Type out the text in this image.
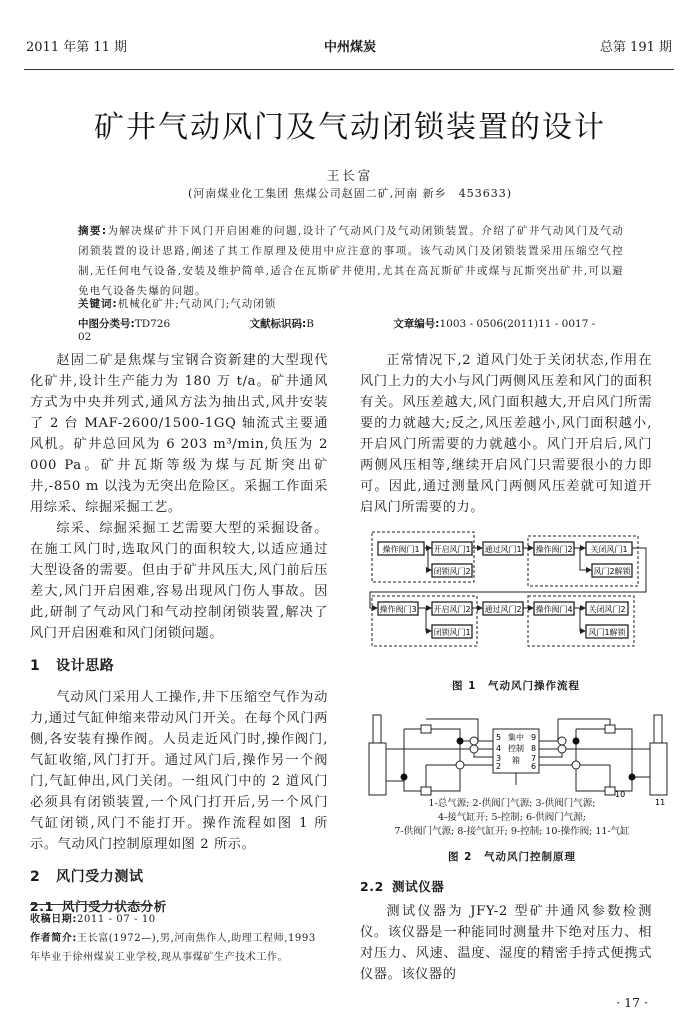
2011 年第 11 期	中州煤炭	总第 191 期
矿井气动风门及气动闭锁装置的设计
王长富
(河南煤业化工集团 焦煤公司赵固二矿,河南 新乡　453633)
摘要:为解决煤矿井下风门开启困难的问题,设计了气动风门及气动闭锁装置。介绍了矿井气动风门及气动闭锁装置的设计思路,阐述了其工作原理及使用中应注意的事项。该气动风门及闭锁装置采用压缩空气控制,无任何电气设备,安装及维护简单,适合在瓦斯矿井使用,尤其在高瓦斯矿井或煤与瓦斯突出矿井,可以避免电气设备失爆的问题。
关键词:机械化矿井;气动风门;气动闭锁
中图分类号:TD726	文献标识码:B	文章编号:1003 - 0506(2011)11 - 0017 - 02

赵固二矿是焦煤与宝钢合资新建的大型现代化矿井,设计生产能力为 180 万 t/a。矿井通风方式为中央并列式,通风方法为抽出式,风井安装了 2 台 MAF-2600/1500-1GQ 轴流式主要通风机。矿井总回风为 6 203 m³/min,负压为 2 000 Pa。矿井瓦斯等级为煤与瓦斯突出矿井,-850 m 以浅为无突出危险区。采掘工作面采用综采、综掘采掘工艺。

综采、综掘采掘工艺需要大型的采掘设备。在施工风门时,选取风门的面积较大,以适应通过大型设备的需要。但由于矿井风压大,风门前后压差大,风门开启困难,容易出现风门伤人事故。因此,研制了气动风门和气动控制闭锁装置,解决了风门开启困难和风门闭锁问题。

1 设计思路

气动风门采用人工操作,井下压缩空气作为动力,通过气缸伸缩来带动风门开关。在每个风门两侧,各安装有操作阀。人员走近风门时,操作阀门,气缸收缩,风门打开。通过风门后,操作另一个阀门,气缸伸出,风门关闭。一组风门中的 2 道风门必须具有闭锁装置,一个风门打开后,另一个风门气缸闭锁,风门不能打开。操作流程如图 1 所示。气动风门控制原理如图 2 所示。

2 风门受力测试
2.1 风门受力状态分析
收稿日期:2011 - 07 - 10
作者简介:王长富(1972—),男,河南焦作人,助理工程师,1993 年毕业于徐州煤炭工业学校,现从事煤矿生产技术工作。

正常情况下,2 道风门处于关闭状态,作用在风门上力的大小与风门两侧风压差和风门的面积有关。风压差越大,风门面积越大,开启风门所需要的力就越大;反之,风压差越小,风门面积越小,开启风门所需要的力就越小。风门开启后,风门两侧风压相等,继续开启风门只需要很小的力即可。因此,通过测量风门两侧风压差就可知道开启风门所需要的力。

操作阀门1 开启风门1
闭锁风门2
通过风门1 操作阀门2 关闭风门1
风门2解锁
操作阀门3 开启风门2
闭锁风门1
通过风门2 操作阀门4 关闭风门2
风门1解锁
图 1　气动风门操作流程
5
4
3
2
9
8
7
6
集中
控制
箱
10
11
1-总气源; 2-供阀门气源; 3-供阀门气源;
4-接气缸开; 5-控制; 6-供阀门气源;
7-供阀门气源; 8-接气缸开; 9-控制; 10-操作阀; 11-气缸
图 2　气动风门控制原理
2.2 测试仪器

测试仪器为 JFY-2 型矿井通风参数检测仪。该仪器是一种能同时测量井下绝对压力、相对压力、风速、温度、湿度的精密手持式便携式仪器。该仪器的

· 17 ·
